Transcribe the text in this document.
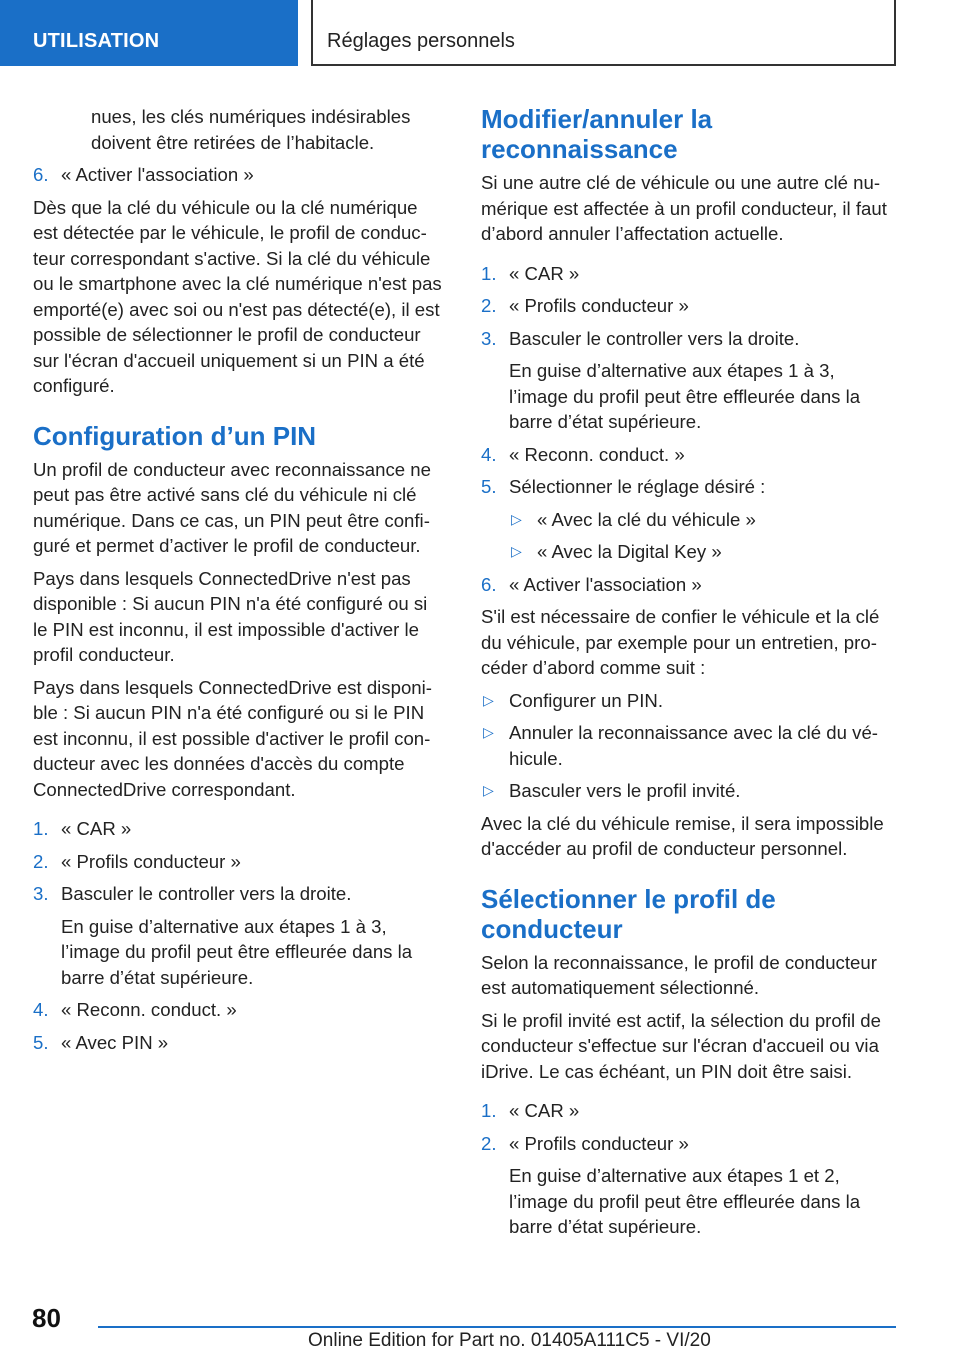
UTILISATION	Réglages personnels

nues, les clés numériques indésirables doivent être retirées de l’habitacle.

6. « Activer l'association »

Dès que la clé du véhicule ou la clé numérique est détectée par le véhicule, le profil de conducteur correspondant s'active. Si la clé du véhicule ou le smartphone avec la clé numérique n'est pas emporté(e) avec soi ou n'est pas détecté(e), il est possible de sélectionner le profil de conducteur sur l'écran d'accueil uniquement si un PIN a été configuré.

Configuration d’un PIN

Un profil de conducteur avec reconnaissance ne peut pas être activé sans clé du véhicule ni clé numérique. Dans ce cas, un PIN peut être configuré et permet d’activer le profil de conducteur.

Pays dans lesquels ConnectedDrive n'est pas disponible : Si aucun PIN n'a été configuré ou si le PIN est inconnu, il est impossible d'activer le profil conducteur.

Pays dans lesquels ConnectedDrive est disponible : Si aucun PIN n'a été configuré ou si le PIN est inconnu, il est possible d'activer le profil conducteur avec les données d'accès du compte ConnectedDrive correspondant.

1. « CAR »
2. « Profils conducteur »
3. Basculer le controller vers la droite.

En guise d’alternative aux étapes 1 à 3, l’image du profil peut être effleurée dans la barre d’état supérieure.

4. « Reconn. conduct. »
5. « Avec PIN »
Modifier/annuler la reconnaissance

Si une autre clé de véhicule ou une autre clé numérique est affectée à un profil conducteur, il faut d’abord annuler l’affectation actuelle.

1. « CAR »
2. « Profils conducteur »
3. Basculer le controller vers la droite.

En guise d’alternative aux étapes 1 à 3, l’image du profil peut être effleurée dans la barre d’état supérieure.

4. « Reconn. conduct. »
5. Sélectionner le réglage désiré :
▷ « Avec la clé du véhicule »
▷ « Avec la Digital Key »
6. « Activer l'association »

S'il est nécessaire de confier le véhicule et la clé du véhicule, par exemple pour un entretien, procéder d’abord comme suit :

▷ Configurer un PIN.
▷ Annuler la reconnaissance avec la clé du véhicule.
▷ Basculer vers le profil invité.

Avec la clé du véhicule remise, il sera impossible d'accéder au profil de conducteur personnel.

Sélectionner le profil de conducteur

Selon la reconnaissance, le profil de conducteur est automatiquement sélectionné.

Si le profil invité est actif, la sélection du profil de conducteur s'effectue sur l'écran d'accueil ou via iDrive. Le cas échéant, un PIN doit être saisi.

1. « CAR »
2. « Profils conducteur »

En guise d’alternative aux étapes 1 et 2, l’image du profil peut être effleurée dans la barre d’état supérieure.

80
Online Edition for Part no. 01405A111C5 - VI/20
